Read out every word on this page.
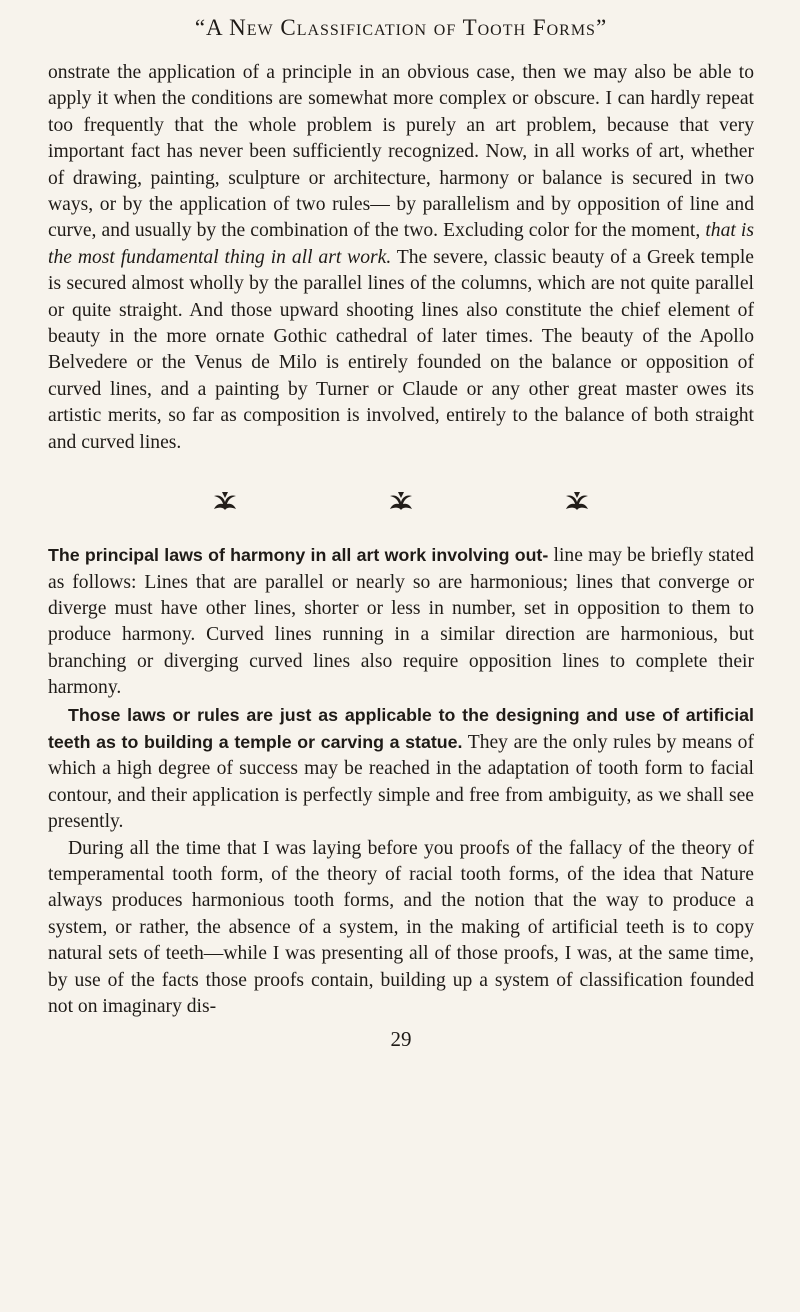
“A New Classification of Tooth Forms”

onstrate the application of a principle in an obvious case, then we may also be able to apply it when the conditions are somewhat more complex or obscure. I can hardly repeat too frequently that the whole problem is purely an art problem, because that very important fact has never been sufficiently recognized. Now, in all works of art, whether of drawing, painting, sculpture or architecture, harmony or balance is secured in two ways, or by the application of two rules— by parallelism and by opposition of line and curve, and usually by the combination of the two. Excluding color for the moment, that is the most fundamental thing in all art work. The severe, classic beauty of a Greek temple is secured almost wholly by the parallel lines of the columns, which are not quite parallel or quite straight. And those upward shooting lines also constitute the chief element of beauty in the more ornate Gothic cathedral of later times. The beauty of the Apollo Belvedere or the Venus de Milo is entirely founded on the balance or opposition of curved lines, and a painting by Turner or Claude or any other great master owes its artistic merits, so far as composition is involved, entirely to the balance of both straight and curved lines.

The principal laws of harmony in all art work involving out- line may be briefly stated as follows: Lines that are parallel or nearly so are harmonious; lines that converge or diverge must have other lines, shorter or less in number, set in opposition to them to produce harmony. Curved lines running in a similar direction are harmonious, but branching or diverging curved lines also require opposition lines to complete their harmony.

Those laws or rules are just as applicable to the designing and use of artificial teeth as to building a temple or carving a statue. They are the only rules by means of which a high degree of success may be reached in the adaptation of tooth form to facial contour, and their application is perfectly simple and free from ambiguity, as we shall see presently.

During all the time that I was laying before you proofs of the fallacy of the theory of temperamental tooth form, of the theory of racial tooth forms, of the idea that Nature always produces harmonious tooth forms, and the notion that the way to produce a system, or rather, the absence of a system, in the making of artificial teeth is to copy natural sets of teeth—while I was presenting all of those proofs, I was, at the same time, by use of the facts those proofs contain, building up a system of classification founded not on imaginary dis-

29
